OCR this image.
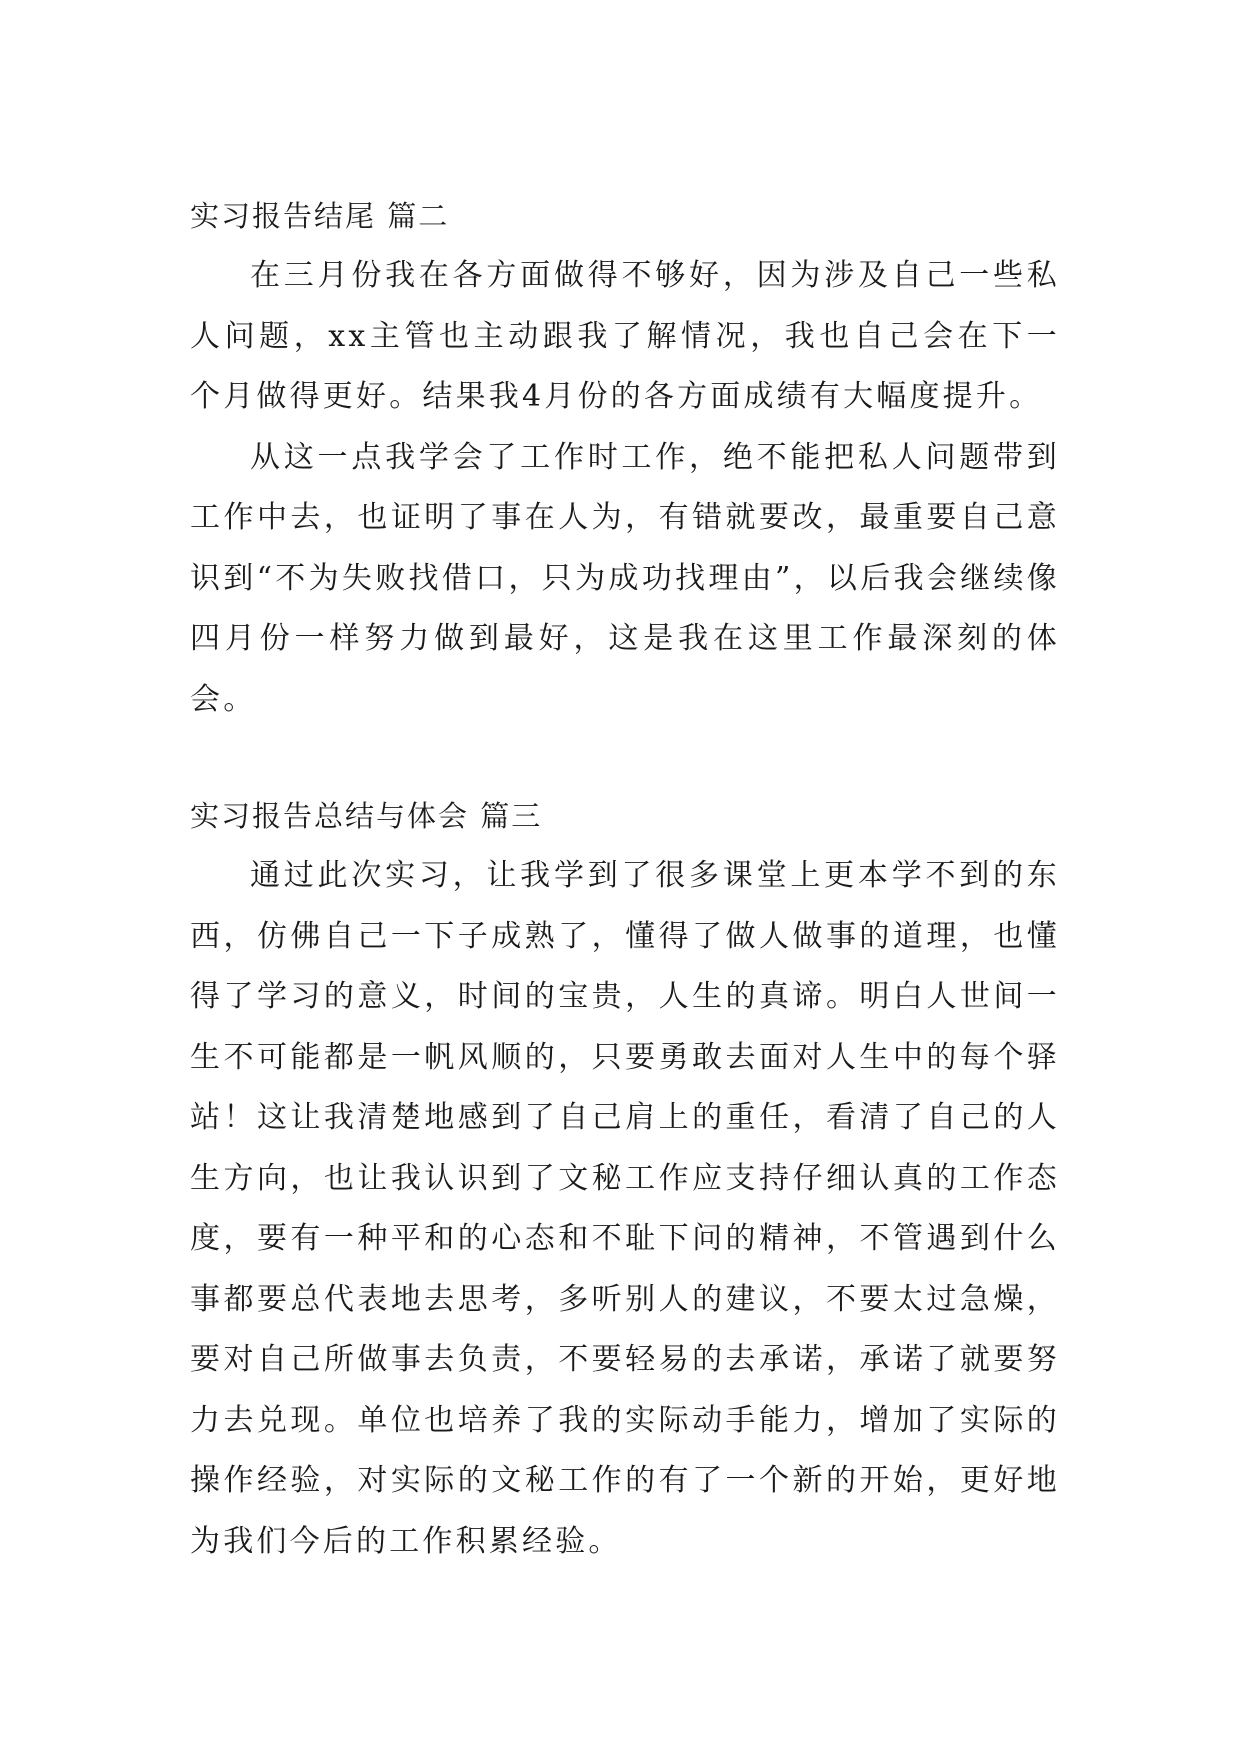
实习报告结尾 篇二

在三月份我在各方面做得不够好，因为涉及自己一些私人问题，xx主管也主动跟我了解情况，我也自己会在下一个月做得更好。结果我4月份的各方面成绩有大幅度提升。

从这一点我学会了工作时工作，绝不能把私人问题带到工作中去，也证明了事在人为，有错就要改，最重要自己意识到“不为失败找借口，只为成功找理由”，以后我会继续像四月份一样努力做到最好，这是我在这里工作最深刻的体会。

实习报告总结与体会 篇三

通过此次实习，让我学到了很多课堂上更本学不到的东西，仿佛自己一下子成熟了，懂得了做人做事的道理，也懂得了学习的意义，时间的宝贵，人生的真谛。明白人世间一生不可能都是一帆风顺的，只要勇敢去面对人生中的每个驿站！这让我清楚地感到了自己肩上的重任，看清了自己的人生方向，也让我认识到了文秘工作应支持仔细认真的工作态度，要有一种平和的心态和不耻下问的精神，不管遇到什么事都要总代表地去思考，多听别人的建议，不要太过急燥，要对自己所做事去负责，不要轻易的去承诺，承诺了就要努力去兑现。单位也培养了我的实际动手能力，增加了实际的操作经验，对实际的文秘工作的有了一个新的开始，更好地为我们今后的工作积累经验。
